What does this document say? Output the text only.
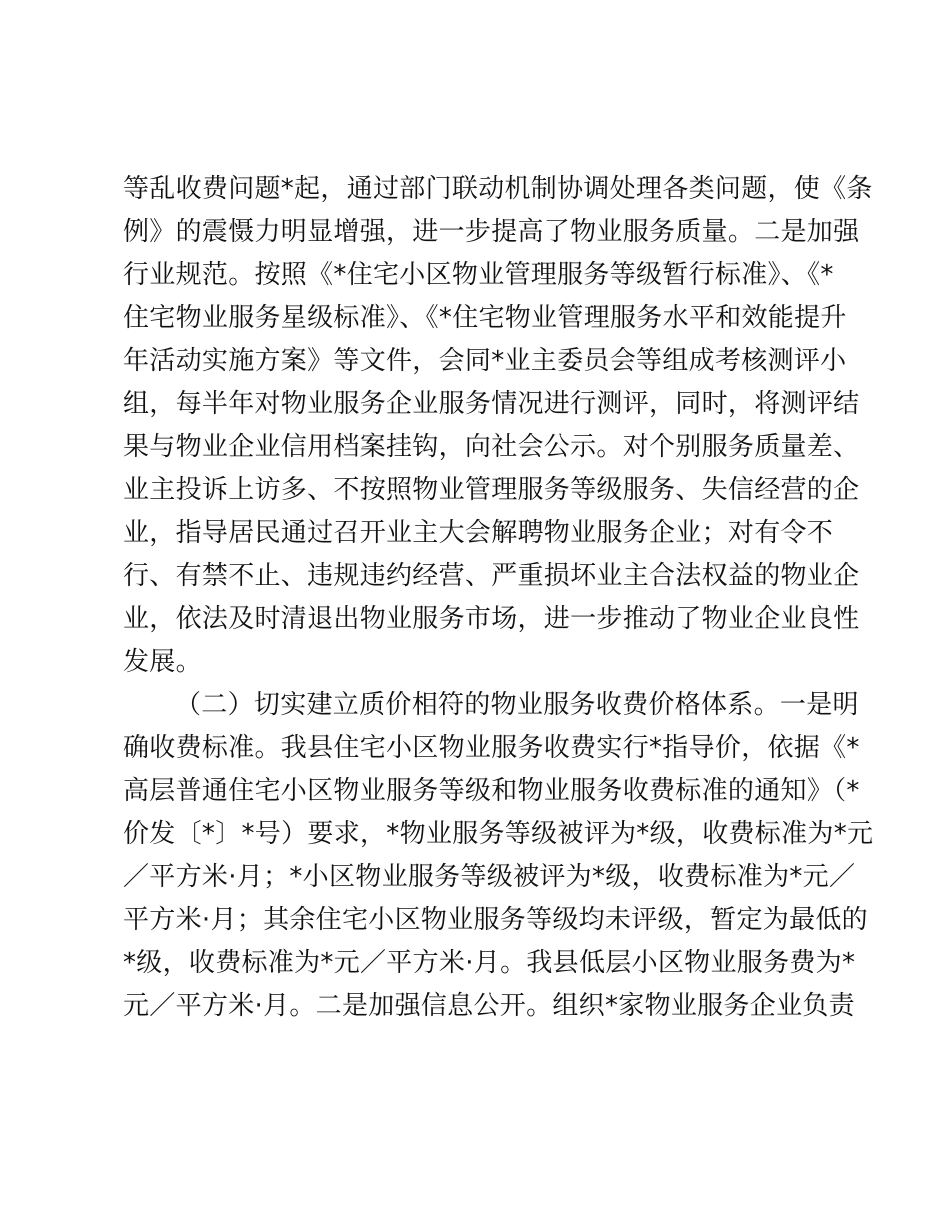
等乱收费问题*起，通过部门联动机制协调处理各类问题，使《条
例》的震慑力明显增强，进一步提高了物业服务质量。二是加强
行业规范。按照《*住宅小区物业管理服务等级暂行标准》、《*
住宅物业服务星级标准》、《*住宅物业管理服务水平和效能提升
年活动实施方案》等文件，会同*业主委员会等组成考核测评小
组，每半年对物业服务企业服务情况进行测评，同时，将测评结
果与物业企业信用档案挂钩，向社会公示。对个别服务质量差、
业主投诉上访多、不按照物业管理服务等级服务、失信经营的企
业，指导居民通过召开业主大会解聘物业服务企业；对有令不
行、有禁不止、违规违约经营、严重损坏业主合法权益的物业企
业，依法及时清退出物业服务市场，进一步推动了物业企业良性
发展。
（二）切实建立质价相符的物业服务收费价格体系。一是明
确收费标准。我县住宅小区物业服务收费实行*指导价，依据《*
高层普通住宅小区物业服务等级和物业服务收费标准的通知》（*
价发〔*〕*号）要求，*物业服务等级被评为*级，收费标准为*元
／平方米·月；*小区物业服务等级被评为*级，收费标准为*元／
平方米·月；其余住宅小区物业服务等级均未评级，暂定为最低的
*级，收费标准为*元／平方米·月。我县低层小区物业服务费为*
元／平方米·月。二是加强信息公开。组织*家物业服务企业负责
